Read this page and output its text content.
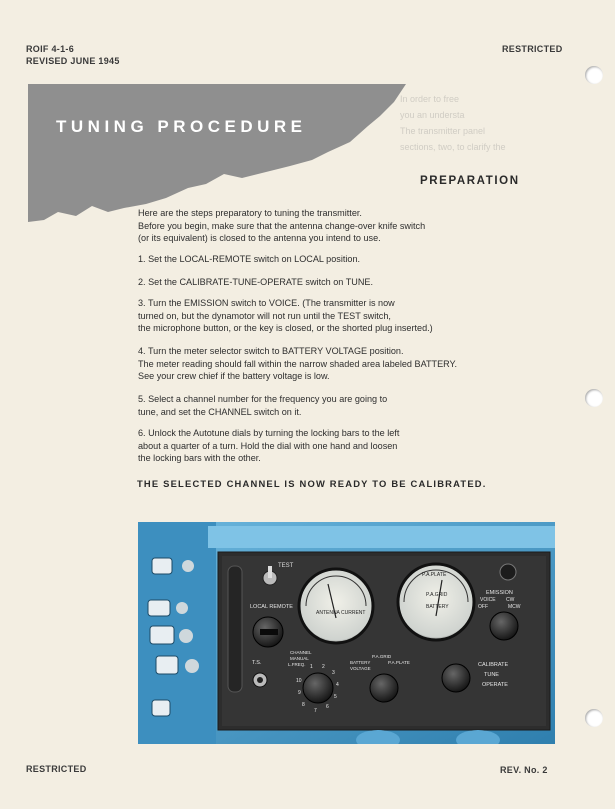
ROIF 4-1-6
REVISED JUNE 1945
RESTRICTED
In order to free
you an understa
The transmitter panel
sections, two, to clarify the
TUNING PROCEDURE
PREPARATION

Here are the steps preparatory to tuning the transmitter.

Before you begin, make sure that the antenna change-over knife switch

(or its equivalent) is closed to the antenna you intend to use.

1. Set the LOCAL-REMOTE switch on LOCAL position.

2. Set the CALIBRATE-TUNE-OPERATE switch on TUNE.

3. Turn the EMISSION switch to VOICE. (The transmitter is now

turned on, but the dynamotor will not run until the TEST switch,

the microphone button, or the key is closed, or the shorted plug inserted.)

4. Turn the meter selector switch to BATTERY VOLTAGE position.

The meter reading should fall within the narrow shaded area labeled BATTERY.

See your crew chief if the battery voltage is low.

5. Select a channel number for the frequency you are going to

tune, and set the CHANNEL switch on it.

6. Unlock the Autotune dials by turning the locking bars to the left

about a quarter of a turn. Hold the dial with one hand and loosen

the locking bars with the other.

THE SELECTED CHANNEL IS NOW READY TO BE CALIBRATED.
TEST
ANTENNA CURRENT
P.A.PLATE
P.A.GRID
BATTERY
EMISSION
VOICE CW
OFF	MCW
LOCAL REMOTE
CHANNEL
MANUAL
L.FREQ.
10
9
8
7
6
5
4
3
2
1
BATTERY
VOLTAGE
P.A.GRID
P.A.PLATE	CALIBRATE
TUNE
OPERATE
T.S.
RESTRICTED	REV. No. 2
